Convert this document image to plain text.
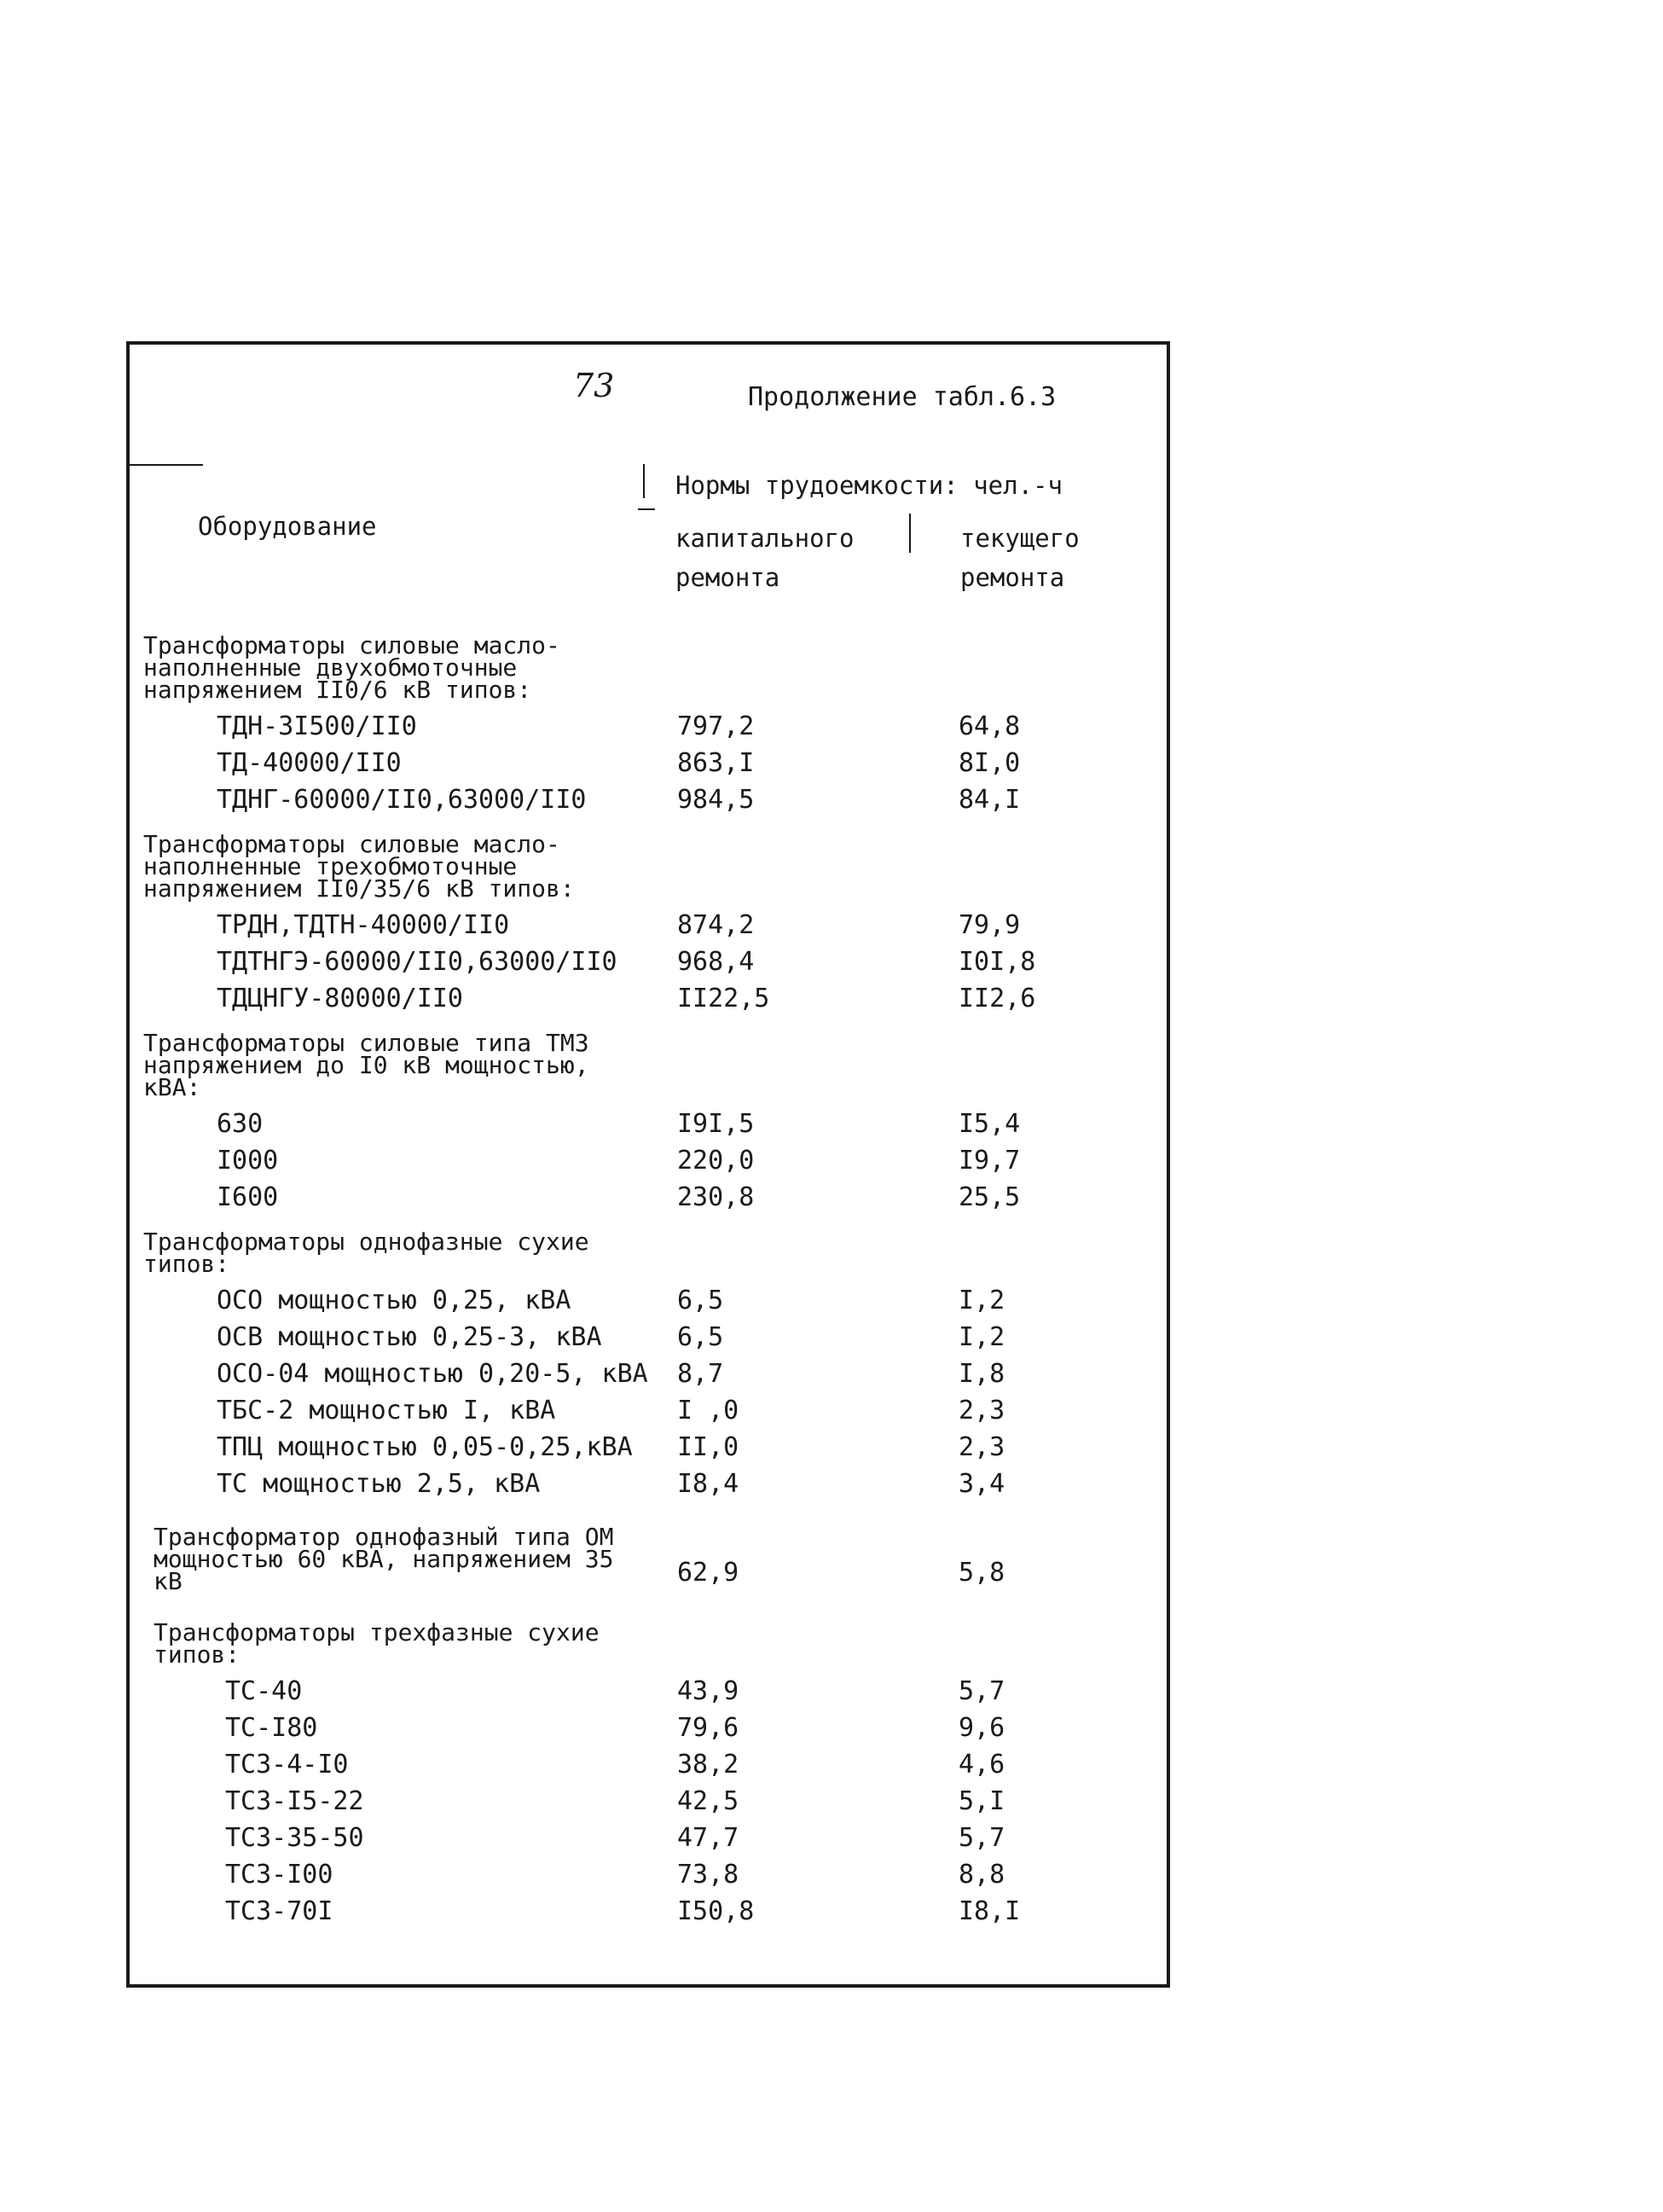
73	Продолжение табл.6.3
Оборудование
Нормы трудоемкости: чел.-ч
капитального ремонта
текущего ремонта
Трансформаторы силовые масло-наполненные двухобмоточные напряжением II0/6 кВ типов:
ТДН-3I500/II0	797,2	64,8
ТД-40000/II0	863,I	8I,0
ТДНГ-60000/II0,63000/II0	984,5	84,I
Трансформаторы силовые масло-наполненные трехобмоточные напряжением II0/35/6 кВ типов:
ТРДН,ТДТН-40000/II0	874,2	79,9
ТДТНГЭ-60000/II0,63000/II0 968,4	I0I,8
ТДЦНГУ-80000/II0	II22,5	II2,6
Трансформаторы силовые типа ТМЗ напряжением до I0 кВ мощностью, кВА:
630	I9I,5	I5,4
I000	220,0	I9,7
I600	230,8	25,5
Трансформаторы однофазные сухие типов:
ОСО мощностью 0,25, кВА	6,5	I,2
ОСВ мощностью 0,25-3, кВА	6,5	I,2
ОСО-04 мощностью 0,20-5, кВА 8,7	I,8
ТБС-2 мощностью I, кВА	I ,0	2,3
ТПЦ мощностью 0,05-0,25,кВА II,0	2,3
ТС мощностью 2,5, кВА	I8,4	3,4
Трансформатор однофазный типа ОМ мощностью 60 кВА, напряжением 35 кВ	62,9	5,8
Трансформаторы трехфазные сухие типов:
ТС-40	43,9	5,7
ТС-I80	79,6	9,6
ТСЗ-4-I0	38,2	4,6
ТСЗ-I5-22	42,5	5,I
ТСЗ-35-50	47,7	5,7
ТСЗ-I00	73,8	8,8
ТСЗ-70I	I50,8	I8,I
